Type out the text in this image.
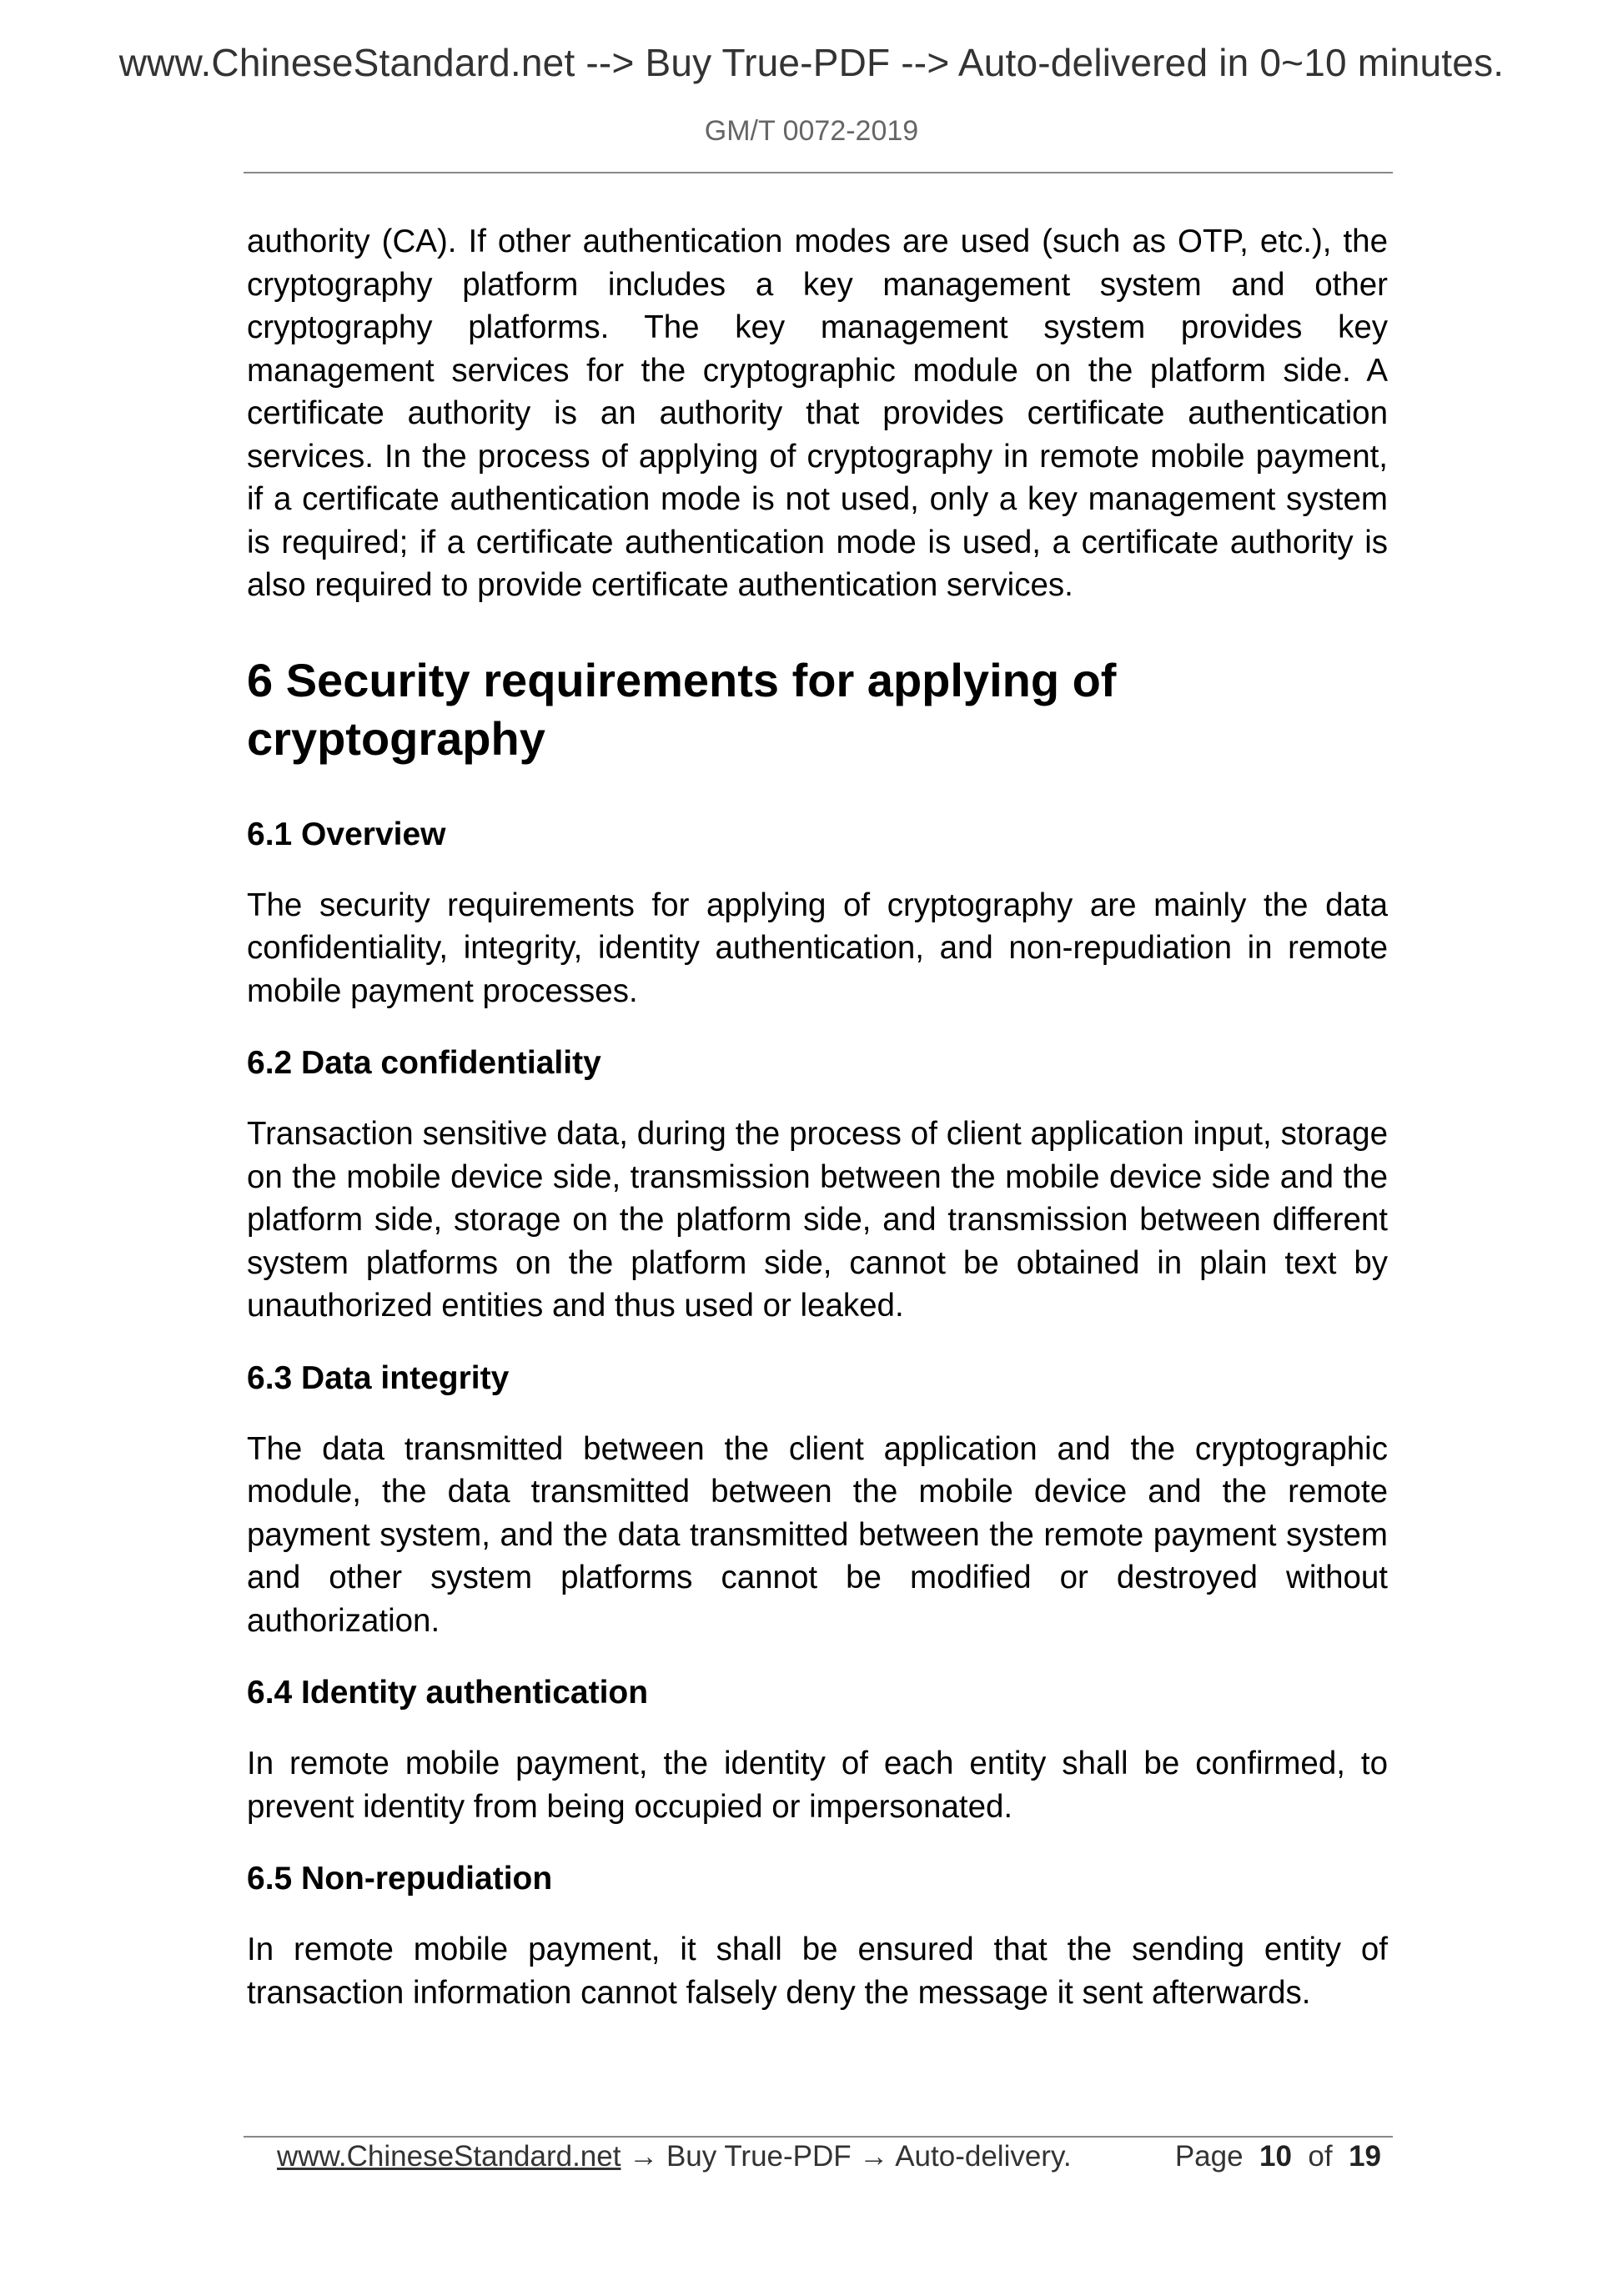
www.ChineseStandard.net --> Buy True-PDF --> Auto-delivered in 0~10 minutes.
GM/T 0072-2019

authority (CA). If other authentication modes are used (such as OTP, etc.), the cryptography platform includes a key management system and other cryptography platforms. The key management system provides key management services for the cryptographic module on the platform side. A certificate authority is an authority that provides certificate authentication services. In the process of applying of cryptography in remote mobile payment, if a certificate authentication mode is not used, only a key management system is required; if a certificate authentication mode is used, a certificate authority is also required to provide certificate authentication services.

6 Security requirements for applying of cryptography
6.1 Overview

The security requirements for applying of cryptography are mainly the data confidentiality, integrity, identity authentication, and non-repudiation in remote mobile payment processes.

6.2 Data confidentiality

Transaction sensitive data, during the process of client application input, storage on the mobile device side, transmission between the mobile device side and the platform side, storage on the platform side, and transmission between different system platforms on the platform side, cannot be obtained in plain text by unauthorized entities and thus used or leaked.

6.3 Data integrity

The data transmitted between the client application and the cryptographic module, the data transmitted between the mobile device and the remote payment system, and the data transmitted between the remote payment system and other system platforms cannot be modified or destroyed without authorization.

6.4 Identity authentication

In remote mobile payment, the identity of each entity shall be confirmed, to prevent identity from being occupied or impersonated.

6.5 Non-repudiation

In remote mobile payment, it shall be ensured that the sending entity of transaction information cannot falsely deny the message it sent afterwards.

www.ChineseStandard.net → Buy True-PDF → Auto-delivery.	Page 10 of 19
